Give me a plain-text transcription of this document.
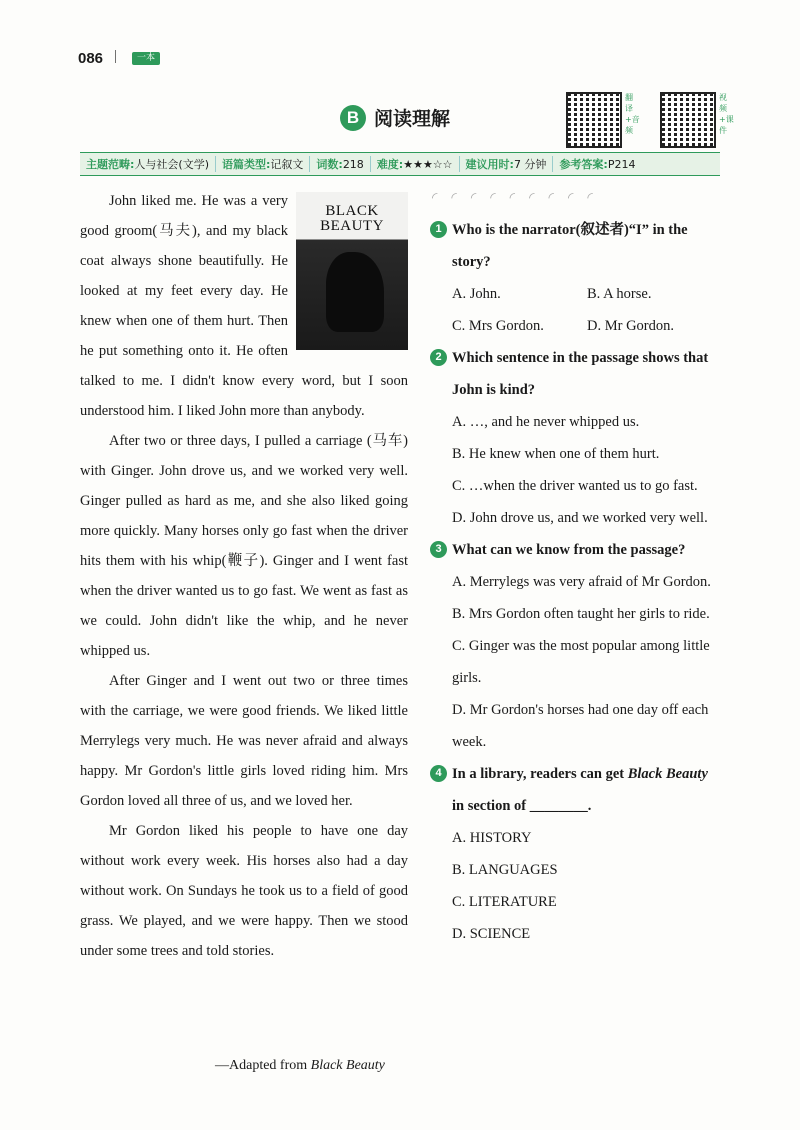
086 |	一本
B 阅读理解
翻译+音频
视频+课件
主题范畴:人与社会(文学)	语篇类型:记叙文	词数:218	难度:★★★☆☆	建议用时:7 分钟	参考答案:P214
BLACK
BEAUTY

John liked me. He was a very good groom(马夫), and my black coat always shone beautifully. He looked at my feet every day. He knew when one of them hurt. Then he put something onto it. He often talked to me. I didn't know every word, but I soon understood him. I liked John more than anybody.

After two or three days, I pulled a carriage (马车) with Ginger. John drove us, and we worked very well. Ginger pulled as hard as me, and she also liked going more quickly. Many horses only go fast when the driver hits them with his whip(鞭子). Ginger and I went fast when the driver wanted us to go fast. We went as fast as we could. John didn't like the whip, and he never whipped us.

After Ginger and I went out two or three times with the carriage, we were good friends. We liked little Merrylegs very much. He was never afraid and always happy. Mr Gordon's little girls loved riding him. Mrs Gordon loved all three of us, and we loved her.

Mr Gordon liked his people to have one day without work every week. His horses also had a day without work. On Sundays he took us to a field of good grass. We played, and we were happy. Then we stood under some trees and told stories.

—Adapted from Black Beauty
◜◜◜◜◜◜◜◜◜
1 Who is the narrator(叙述者)“I” in the story?
A. John.	B. A horse.
C. Mrs Gordon.	D. Mr Gordon.
2 Which sentence in the passage shows that John is kind?
A. …, and he never whipped us.
B. He knew when one of them hurt.
C. …when the driver wanted us to go fast.
D. John drove us, and we worked very well.
3 What can we know from the passage?
A. Merrylegs was very afraid of Mr Gordon.
B. Mrs Gordon often taught her girls to ride.
C. Ginger was the most popular among little girls.
D. Mr Gordon's horses had one day off each week.
4 In a library, readers can get Black Beauty in section of ________.
A. HISTORY
B. LANGUAGES
C. LITERATURE
D. SCIENCE
